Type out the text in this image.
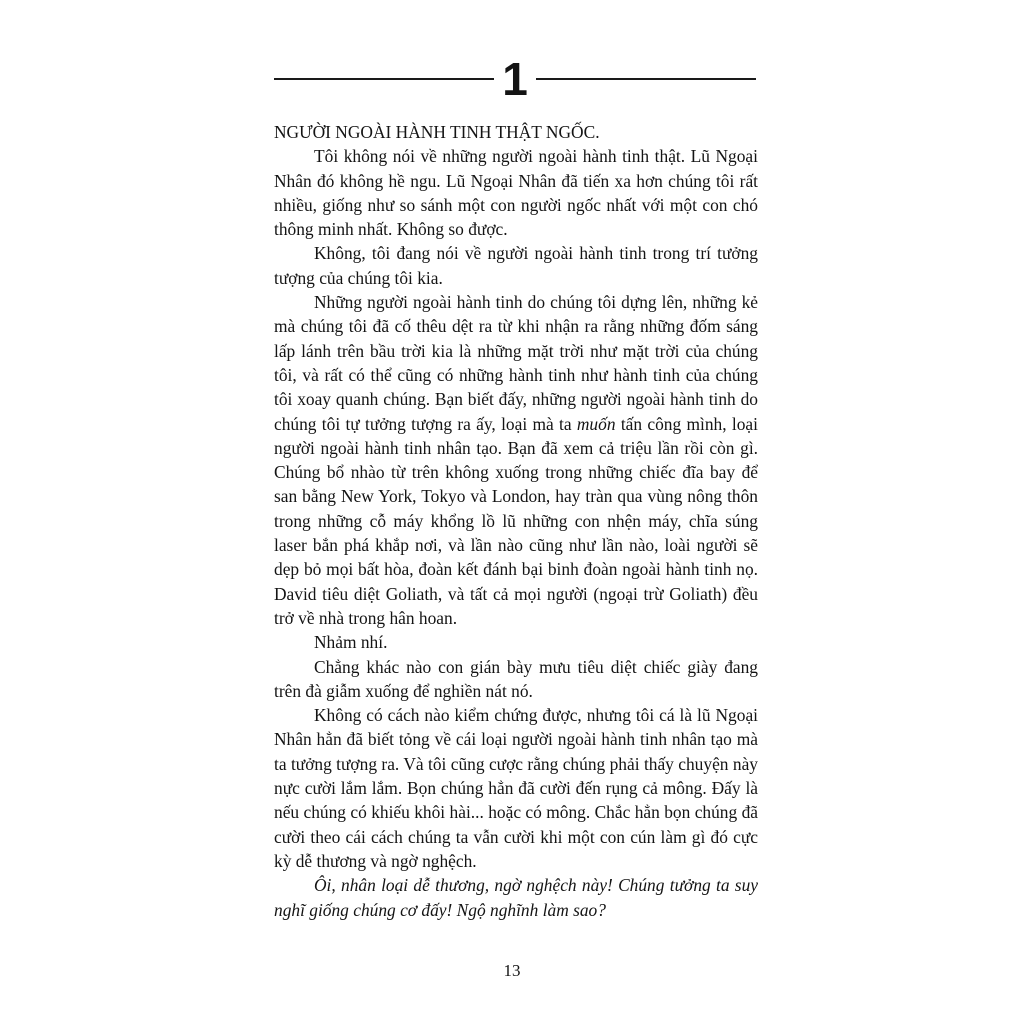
1

NGƯỜI NGOÀI HÀNH TINH THẬT NGỐC.

Tôi không nói về những người ngoài hành tinh thật. Lũ Ngoại Nhân đó không hề ngu. Lũ Ngoại Nhân đã tiến xa hơn chúng tôi rất nhiều, giống như so sánh một con người ngốc nhất với một con chó thông minh nhất. Không so được.

Không, tôi đang nói về người ngoài hành tinh trong trí tưởng tượng của chúng tôi kia.

Những người ngoài hành tinh do chúng tôi dựng lên, những kẻ mà chúng tôi đã cố thêu dệt ra từ khi nhận ra rằng những đốm sáng lấp lánh trên bầu trời kia là những mặt trời như mặt trời của chúng tôi, và rất có thể cũng có những hành tinh như hành tinh của chúng tôi xoay quanh chúng. Bạn biết đấy, những người ngoài hành tinh do chúng tôi tự tưởng tượng ra ấy, loại mà ta muốn tấn công mình, loại người ngoài hành tinh nhân tạo. Bạn đã xem cả triệu lần rồi còn gì. Chúng bổ nhào từ trên không xuống trong những chiếc đĩa bay để san bằng New York, Tokyo và London, hay tràn qua vùng nông thôn trong những cỗ máy khổng lồ lũ những con nhện máy, chĩa súng laser bắn phá khắp nơi, và lần nào cũng như lần nào, loài người sẽ dẹp bỏ mọi bất hòa, đoàn kết đánh bại binh đoàn ngoài hành tinh nọ. David tiêu diệt Goliath, và tất cả mọi người (ngoại trừ Goliath) đều trở về nhà trong hân hoan.

Nhảm nhí.

Chẳng khác nào con gián bày mưu tiêu diệt chiếc giày đang trên đà giẫm xuống để nghiền nát nó.

Không có cách nào kiểm chứng được, nhưng tôi cá là lũ Ngoại Nhân hẳn đã biết tỏng về cái loại người ngoài hành tinh nhân tạo mà ta tưởng tượng ra. Và tôi cũng cược rằng chúng phải thấy chuyện này nực cười lắm lắm. Bọn chúng hẳn đã cười đến rụng cả mông. Đấy là nếu chúng có khiếu khôi hài... hoặc có mông. Chắc hẳn bọn chúng đã cười theo cái cách chúng ta vẫn cười khi một con cún làm gì đó cực kỳ dễ thương và ngờ nghệch.

Ôi, nhân loại dễ thương, ngờ nghệch này! Chúng tưởng ta suy nghĩ giống chúng cơ đấy! Ngộ nghĩnh làm sao?

13
